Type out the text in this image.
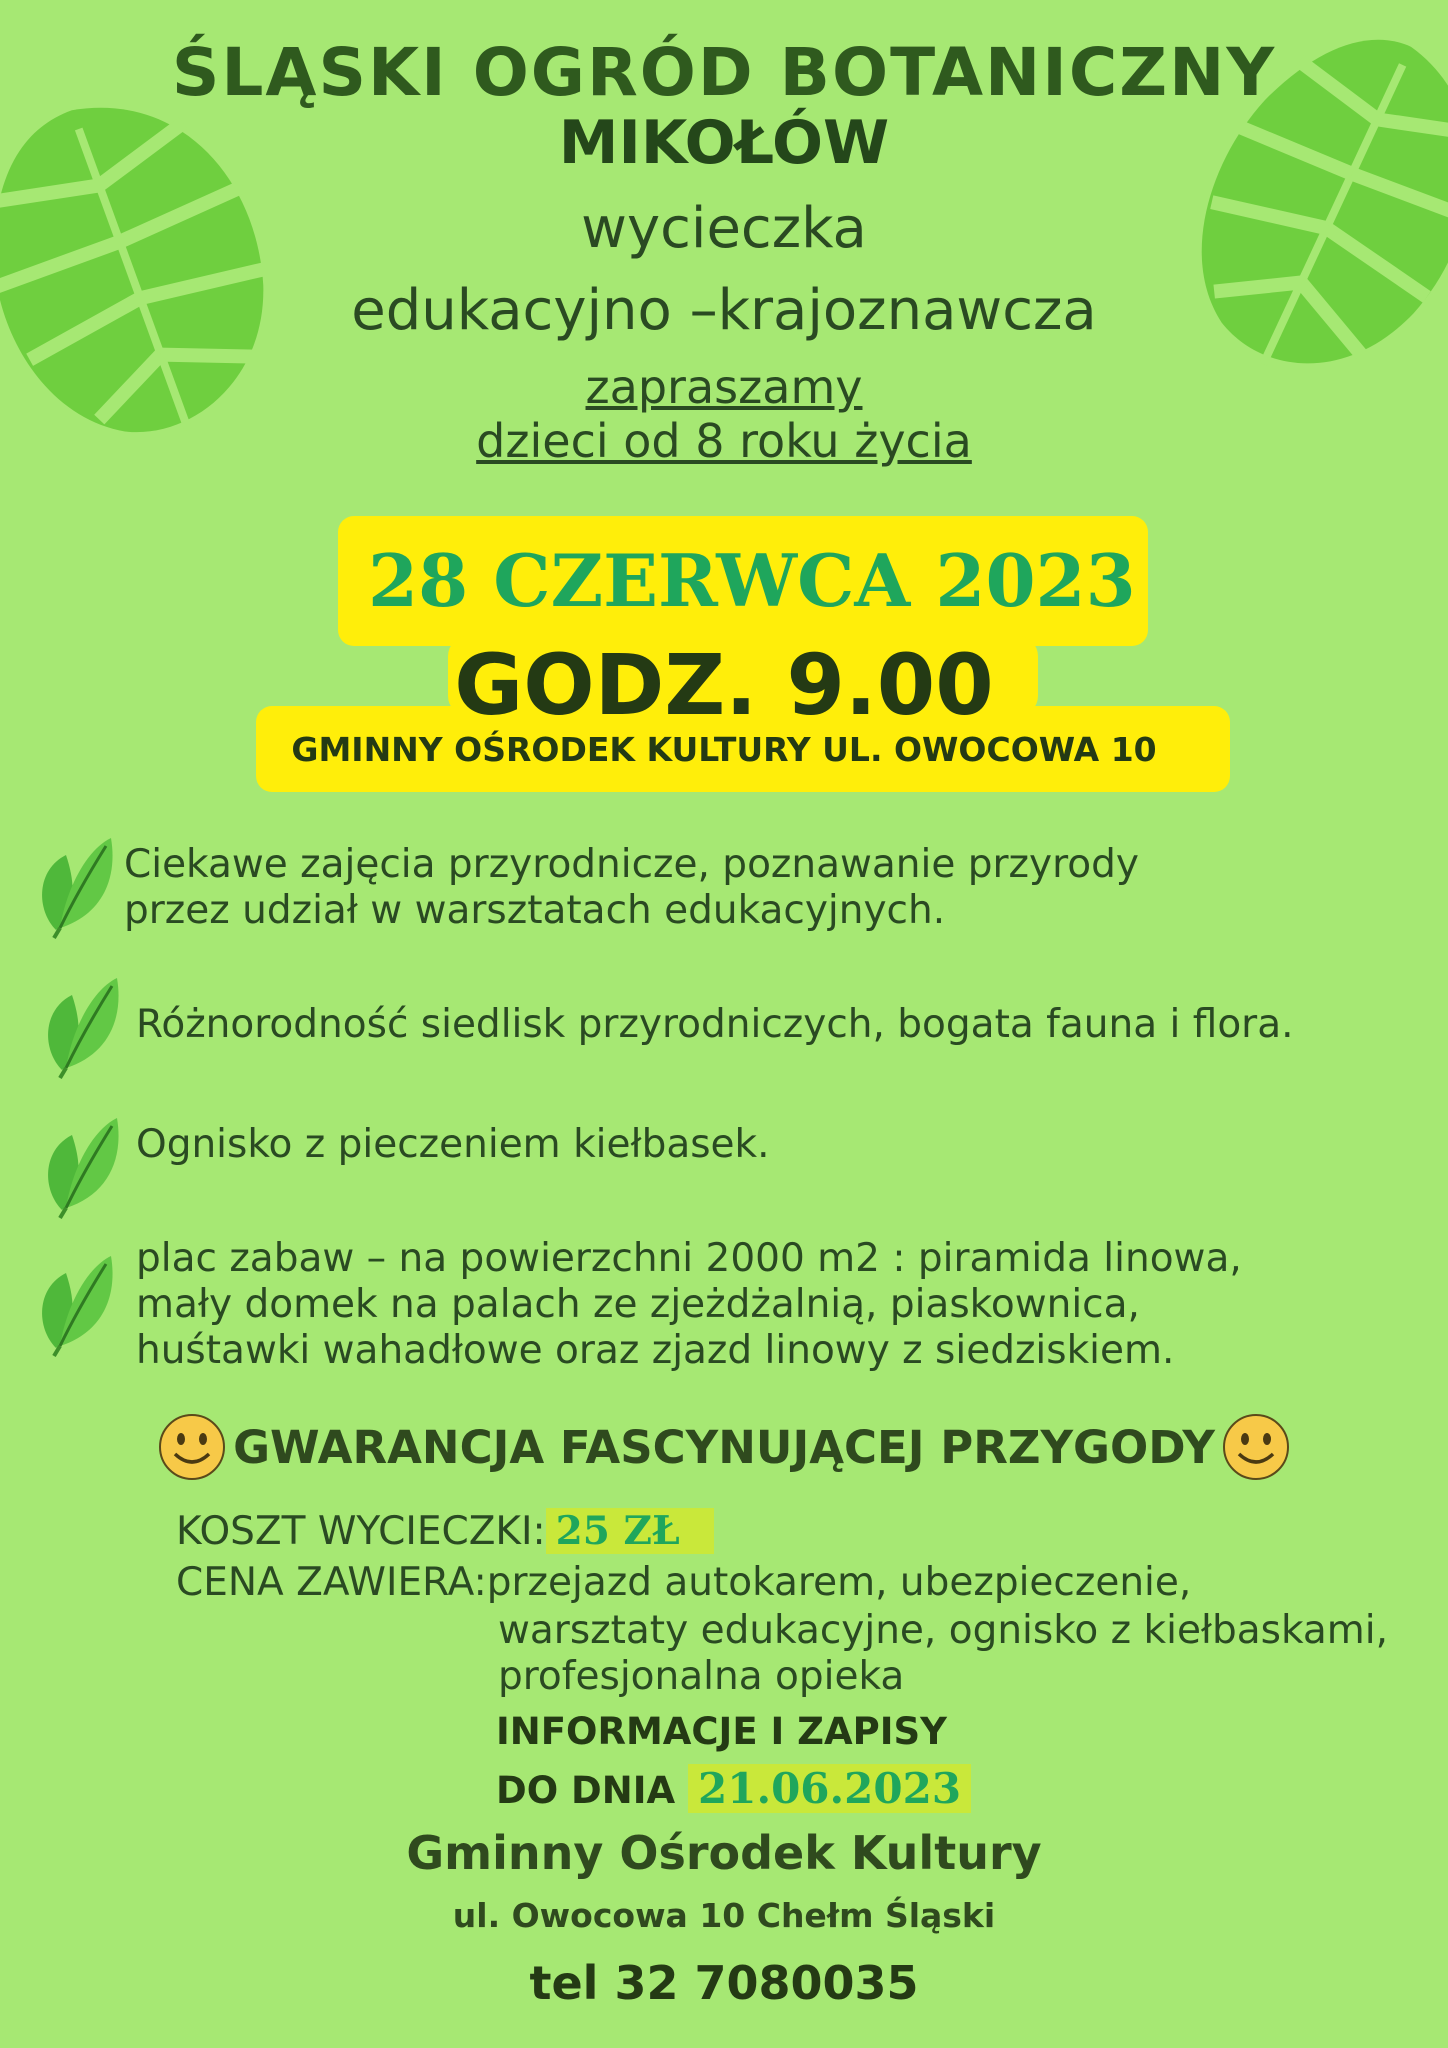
ŚLĄSKI OGRÓD BOTANICZNY
MIKOŁÓW
wycieczka
edukacyjno –krajoznawcza
zapraszamy
dzieci od 8 roku życia
28 CZERWCA 2023
GODZ. 9.00
GMINNY OŚRODEK KULTURY UL. OWOCOWA 10
Ciekawe zajęcia przyrodnicze, poznawanie przyrody
przez udział w warsztatach edukacyjnych.
Różnorodność siedlisk przyrodniczych, bogata fauna i flora.
Ognisko z pieczeniem kiełbasek.
plac zabaw – na powierzchni 2000 m2 : piramida linowa,
mały domek na palach ze zjeżdżalnią, piaskownica,
huśtawki wahadłowe oraz zjazd linowy z siedziskiem.
GWARANCJA FASCYNUJĄCEJ PRZYGODY
KOSZT WYCIECZKI: 25 ZŁ
CENA ZAWIERA:przejazd autokarem, ubezpieczenie,
warsztaty edukacyjne, ognisko z kiełbaskami,
profesjonalna opieka
INFORMACJE I ZAPISY
DO DNIA 21.06.2023
Gminny Ośrodek Kultury
ul. Owocowa 10 Chełm Śląski
tel 32 7080035
